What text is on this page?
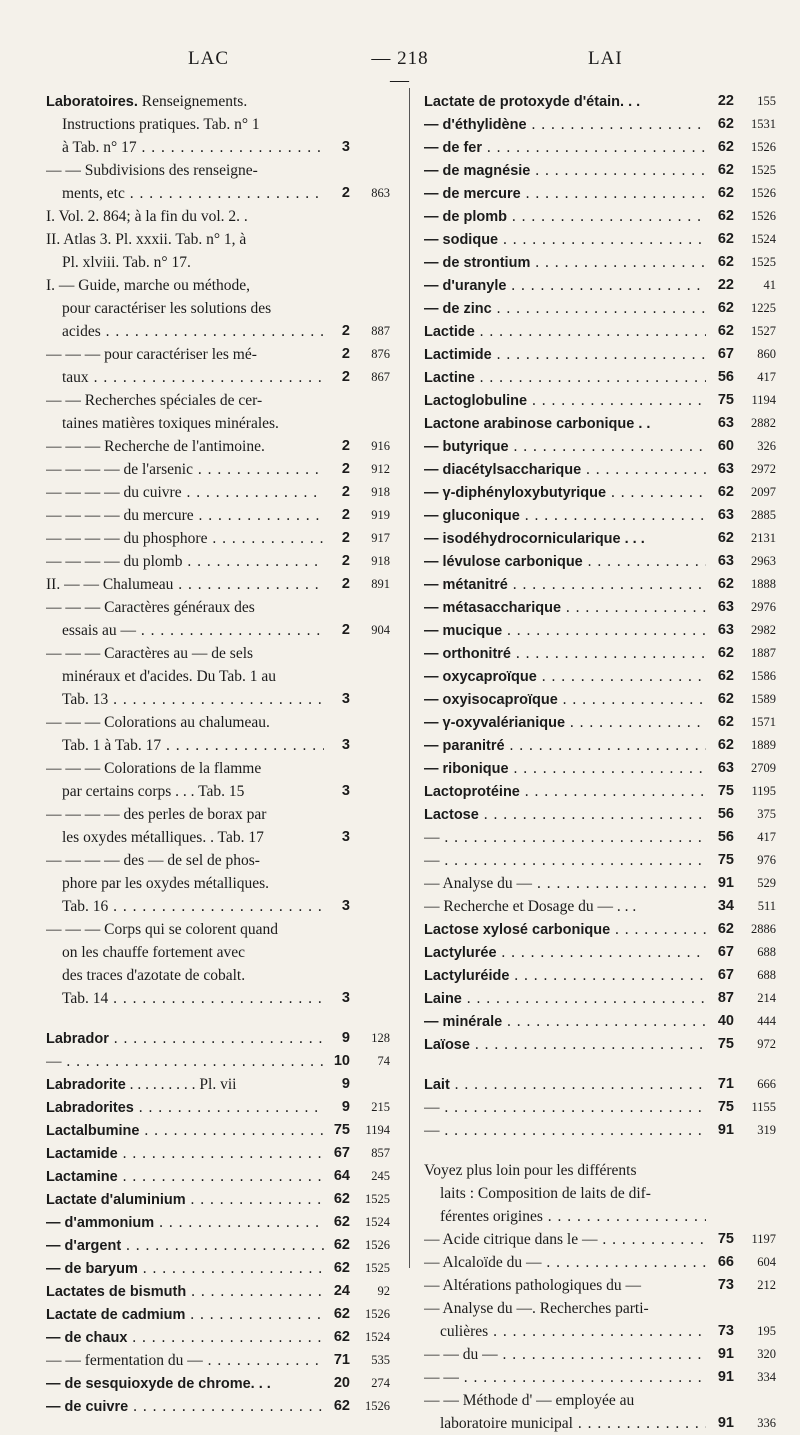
LAC	— 218 —
LAI
Laboratoires. Renseignements.
Instructions pratiques. Tab. n° 1
à Tab. n° 17 . . .	3
— — Subdivisions des renseigne-
ments, etc . . .	2	863
I. Vol. 2. 864; à la fin du vol. 2. .
II. Atlas 3. Pl. xxxii. Tab. n° 1, à
Pl. xlviii. Tab. n° 17.
I. — Guide, marche ou méthode,
pour caractériser les solutions des
acides . . .	2	887
— — — pour caractériser les mé-	2	876
taux . . .	2	867
— — Recherches spéciales de cer-
taines matières toxiques minérales.
— — — Recherche de l'antimoine.	2	916
— — — — de l'arsenic . . .	2	912
— — — — du cuivre . . .	2	918
— — — — du mercure . . .	2	919
— — — — du phosphore . . .	2	917
— — — — du plomb . . .	2	918
II. — — Chalumeau . . .	2	891
— — — Caractères généraux des
essais au — . . .	2	904
— — — Caractères au — de sels
minéraux et d'acides. Du Tab. 1 au
Tab. 13 . . .	3
— — — Colorations au chalumeau.
Tab. 1 à Tab. 17 . . .	3
— — — Colorations de la flamme
par certains corps . . . Tab. 15	3
— — — — des perles de borax par
les oxydes métalliques. . Tab. 17	3
— — — — des — de sel de phos-
phore par les oxydes métalliques.
Tab. 16 . . .	3
— — — Corps qui se colorent quand
on les chauffe fortement avec
des traces d'azotate de cobalt.
Tab. 14 . . .	3
Labrador . . .	9	128
— . . .	10	74
Labradorite . . . . . . . . . Pl. vii	9
Labradorites . . .	9	215
Lactalbumine . . .	75	1194
Lactamide . . .	67	857
Lactamine . . .	64	245
Lactate d'aluminium . . .	62	1525
— d'ammonium . . .	62	1524
— d'argent . . .	62	1526
— de baryum . . .	62	1525
Lactates de bismuth . . .	24	92
Lactate de cadmium . . .	62	1526
— de chaux . . .	62	1524
— — fermentation du — . . .	71	535
— de sesquioxyde de chrome. . .	20	274
— de cuivre . . .	62	1526
Lactate de protoxyde d'étain. . .	22	155
— d'éthylidène . . .	62	1531
— de fer . . .	62	1526
— de magnésie . . .	62	1525
— de mercure . . .	62	1526
— de plomb . . .	62	1526
— sodique . . .	62	1524
— de strontium . . .	62	1525
— d'uranyle . . .	22	41
— de zinc . . .	62	1225
Lactide . . .	62	1527
Lactimide . . .	67	860
Lactine . . .	56	417
Lactoglobuline . . .	75	1194
Lactone arabinose carbonique . .	63	2882
— butyrique . . .	60	326
— diacétylsaccharique . . .	63	2972
— γ-diphényloxybutyrique . . .	62	2097
— gluconique . . .	63	2885
— isodéhydrocornicularique . . .	62	2131
— lévulose carbonique . . .	63	2963
— métanitré . . .	62	1888
— métasaccharique . . .	63	2976
— mucique . . .	63	2982
— orthonitré . . .	62	1887
— oxycaproïque . . .	62	1586
— oxyisocaproïque . . .	62	1589
— γ-oxyvalérianique . . .	62	1571
— paranitré . . .	62	1889
— ribonique . . .	63	2709
Lactoprotéine . . .	75	1195
Lactose . . .	56	375
— . . .	56	417
— . . .	75	976
— Analyse du — . . .	91	529
— Recherche et Dosage du — . . .	34	511
Lactose xylosé carbonique . . .	62	2886
Lactylurée . . .	67	688
Lactyluréide . . .	67	688
Laine . . .	87	214
— minérale . . .	40	444
Laïose . . .	75	972
Lait . . .	71	666
— . . .	75	1155
— . . .	91	319
Voyez plus loin pour les différents
laits : Composition de laits de dif-
férentes origines . . .
— Acide citrique dans le — . . .	75	1197
— Alcaloïde du — . . .	66	604
— Altérations pathologiques du —	73	212
— Analyse du —. Recherches parti-
culières . . .	73	195
— — du — . . .	91	320
— — . . .	91	334
— — Méthode d' — employée au
laboratoire municipal . . .	91	336
